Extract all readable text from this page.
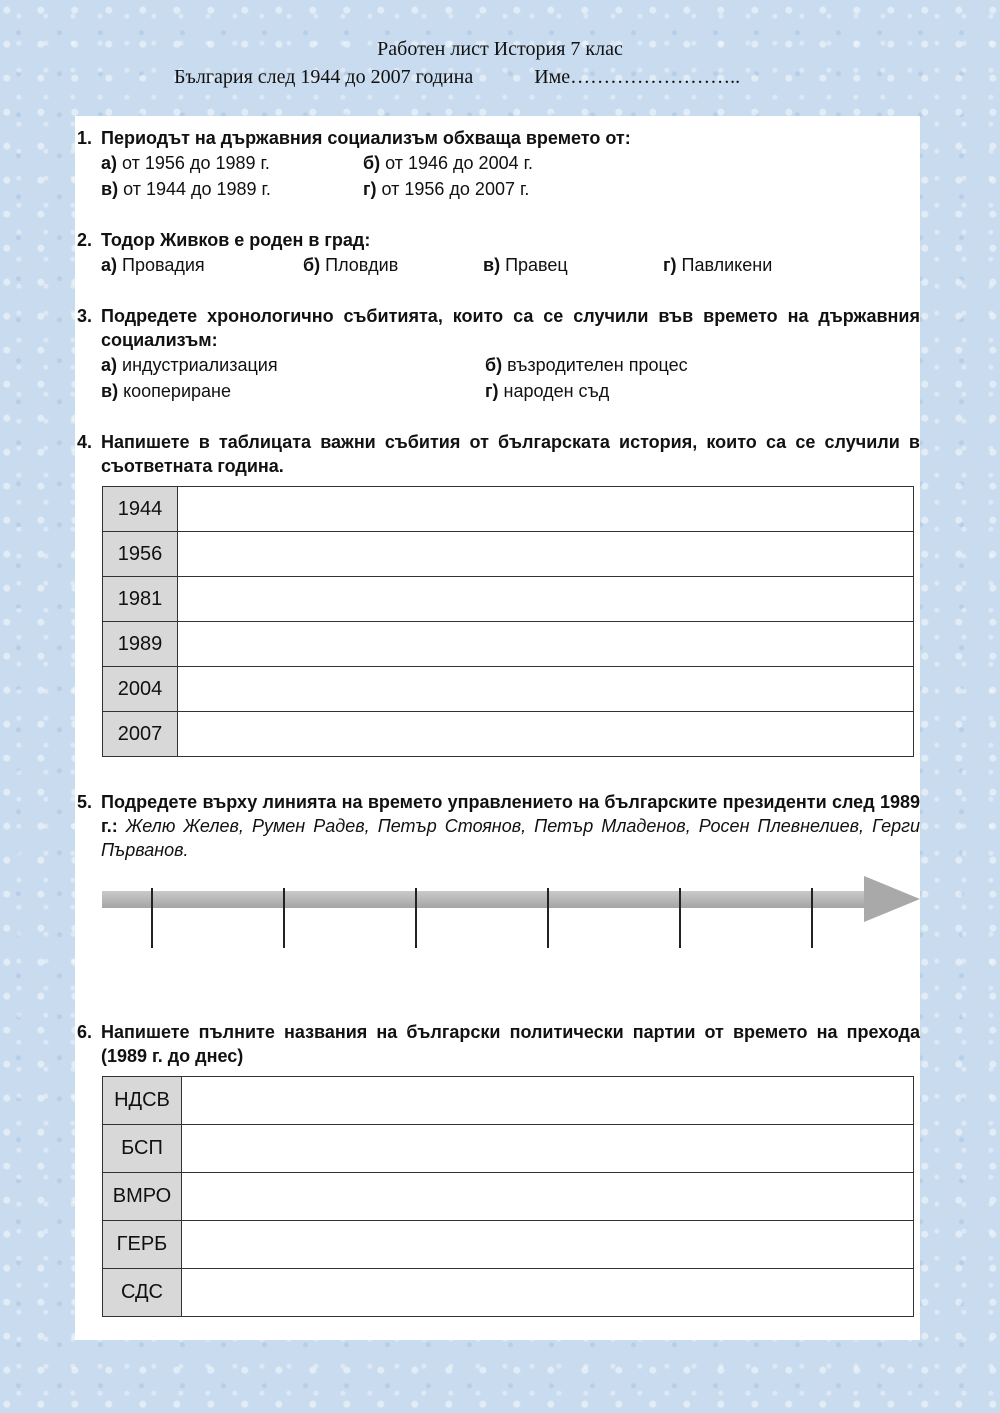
Работен лист История 7 клас
България след 1944 до 2007 година	Име……………………..
1. Периодът на държавния социализъм обхваща времето от:
а) от 1956 до 1989 г.	б) от 1946 до 2004 г.
в) от 1944 до 1989 г.	г) от 1956 до 2007 г.
2. Тодор Живков е роден в град:
а) Провадия	б) Пловдив	в) Правец	г) Павликени
3. Подредете хронологично събитията, които са се случили във времето на държавния социализъм:
а) индустриализация	б) възродителен процес
в) коопериране	г) народен съд
4. Напишете в таблицата важни събития от българската история, които са се случили в съответната година.
1944	
1956	
1981	
1989	
2004	
2007	
5. Подредете върху линията на времето управлението на българските президенти след 1989 г.: Желю Желев, Румен Радев, Петър Стоянов, Петър Младенов, Росен Плевнелиев, Герги Първанов.
6. Напишете пълните названия на български политически партии от времето на прехода (1989 г. до днес)
НДСВ	
БСП	
ВМРО	
ГЕРБ	
СДС	
